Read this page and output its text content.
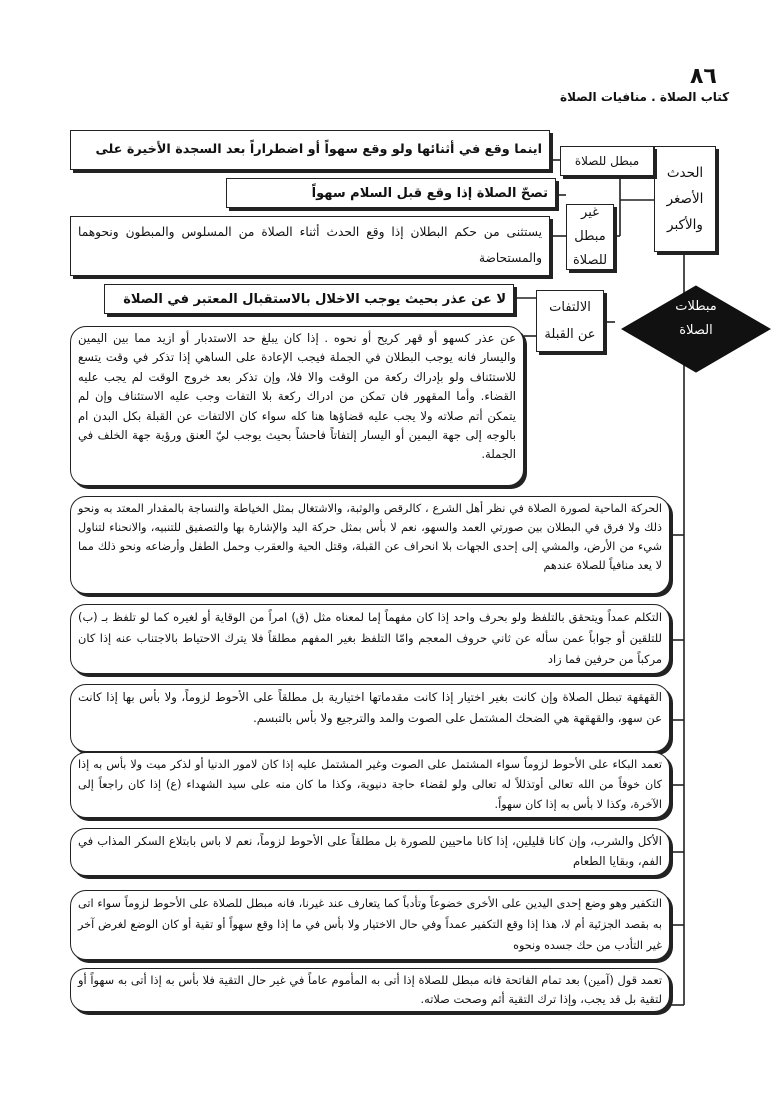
٨٦
كتاب الصلاة . منافيات الصلاة
مبطلات
الصلاة
الحدث الأصغر والأكبر
مبطل للصلاة
اينما وقع في أثنائها ولو وقع سهواً أو اضطراراً بعد السجدة الأخيرة على
غير مبطل للصلاة
تصحّ الصلاة إذا وقع قبل السلام سهواً
يستثنى من حكم البطلان إذا وقع الحدث أثناء الصلاة من المسلوس والمبطون ونحوهما والمستحاضة
الالتفات عن القبلة
لا عن عذر بحيث يوجب الاخلال بالاستقبال المعتبر في الصلاة
عن عذر كسهو أو قهر كريح أو نحوه . إذا كان يبلغ حد الاستدبار أو ازيد مما بين اليمين واليسار فانه يوجب البطلان في الجملة فيجب الإعادة على الساهي إذا تذكر في وقت يتسع للاستئناف ولو بإدراك ركعة من الوقت والا فلا، وإن تذكر بعد خروج الوقت لم يجب عليه القضاء. وأما المقهور فان تمكن من ادراك ركعة بلا التفات وجب عليه الاستئناف وإن لم يتمكن أتم صلاته ولا يجب عليه قضاؤها هنا كله سواء كان الالتفات عن القبلة بكل البدن ام بالوجه إلى جهة اليمين أو اليسار إلتفاتاً فاحشاً بحيث يوجب ليّ العنق ورؤية جهة الخلف في الجملة.
الحركة الماحية لصورة الصلاة في نظر أهل الشرع ، كالرقص والوثبة، والاشتغال بمثل الخياطة والنساجة بالمقدار المعتد به ونحو ذلك ولا فرق في البطلان بين صورتي العمد والسهو، نعم لا بأس بمثل حركة اليد والإشارة بها والتصفيق للتنبيه، والانحناء لتناول شيء من الأرض، والمشي إلى إحدى الجهات بلا انحراف عن القبلة، وقتل الحية والعقرب وحمل الطفل وأرضاعه ونحو ذلك مما لا يعد منافياً للصلاة عندهم
التكلم عمداً ويتحقق بالتلفظ ولو بحرف واحد إذا كان مفهماً إما لمعناه مثل (ق) امراً من الوقاية أو لغيره كما لو تلفظ بـ (ب) للتلقين أو جواباً عمن سأله عن ثاني حروف المعجم وامّا التلفظ بغير المفهم مطلقاً فلا يترك الاحتياط بالاجتناب عنه إذا كان مركباً من حرفين فما زاد
القهقهة تبطل الصلاة وإن كانت بغير اختيار إذا كانت مقدماتها اختيارية بل مطلقاً على الأحوط لزوماً، ولا بأس بها إذا كانت عن سهو، والقهقهة هي الضحك المشتمل على الصوت والمد والترجيع ولا بأس بالتبسم.
تعمد البكاء على الأحوط لزوماً سواء المشتمل على الصوت وغير المشتمل عليه إذا كان لامور الدنيا أو لذكر ميت ولا بأس به إذا كان خوفاً من الله تعالى أوتذللاً له تعالى ولو لقضاء حاجة دنيوية، وكذا ما كان منه على سيد الشهداء (ع) إذا كان راجعاً إلى الآخرة، وكذا لا بأس به إذا كان سهواً.
الأكل والشرب، وإن كانا قليلين، إذا كانا ماحيين للصورة بل مطلقاً على الأحوط لزوماً، نعم لا باس بابتلاع السكر المذاب في الفم، وبقايا الطعام
التكفير وهو وضع إحدى اليدين على الأخرى خضوعاً وتأدباً كما يتعارف عند غيرنا، فانه مبطل للصلاة على الأحوط لزوماً سواء اتى به بقصد الجزئية أم لا، هذا إذا وقع التكفير عمداً وفي حال الاختيار ولا بأس في ما إذا وقع سهواً أو تقية أو كان الوضع لغرض آخر غير التأدب من حك جسده ونحوه
تعمد قول (آمين) بعد تمام الفاتحة فانه مبطل للصلاة إذا أتى به المأموم عاماً في غير حال التقية فلا بأس به إذا أتى به سهواً أو لتقية بل قد يجب، وإذا ترك التقية أثم وصحت صلاته.
